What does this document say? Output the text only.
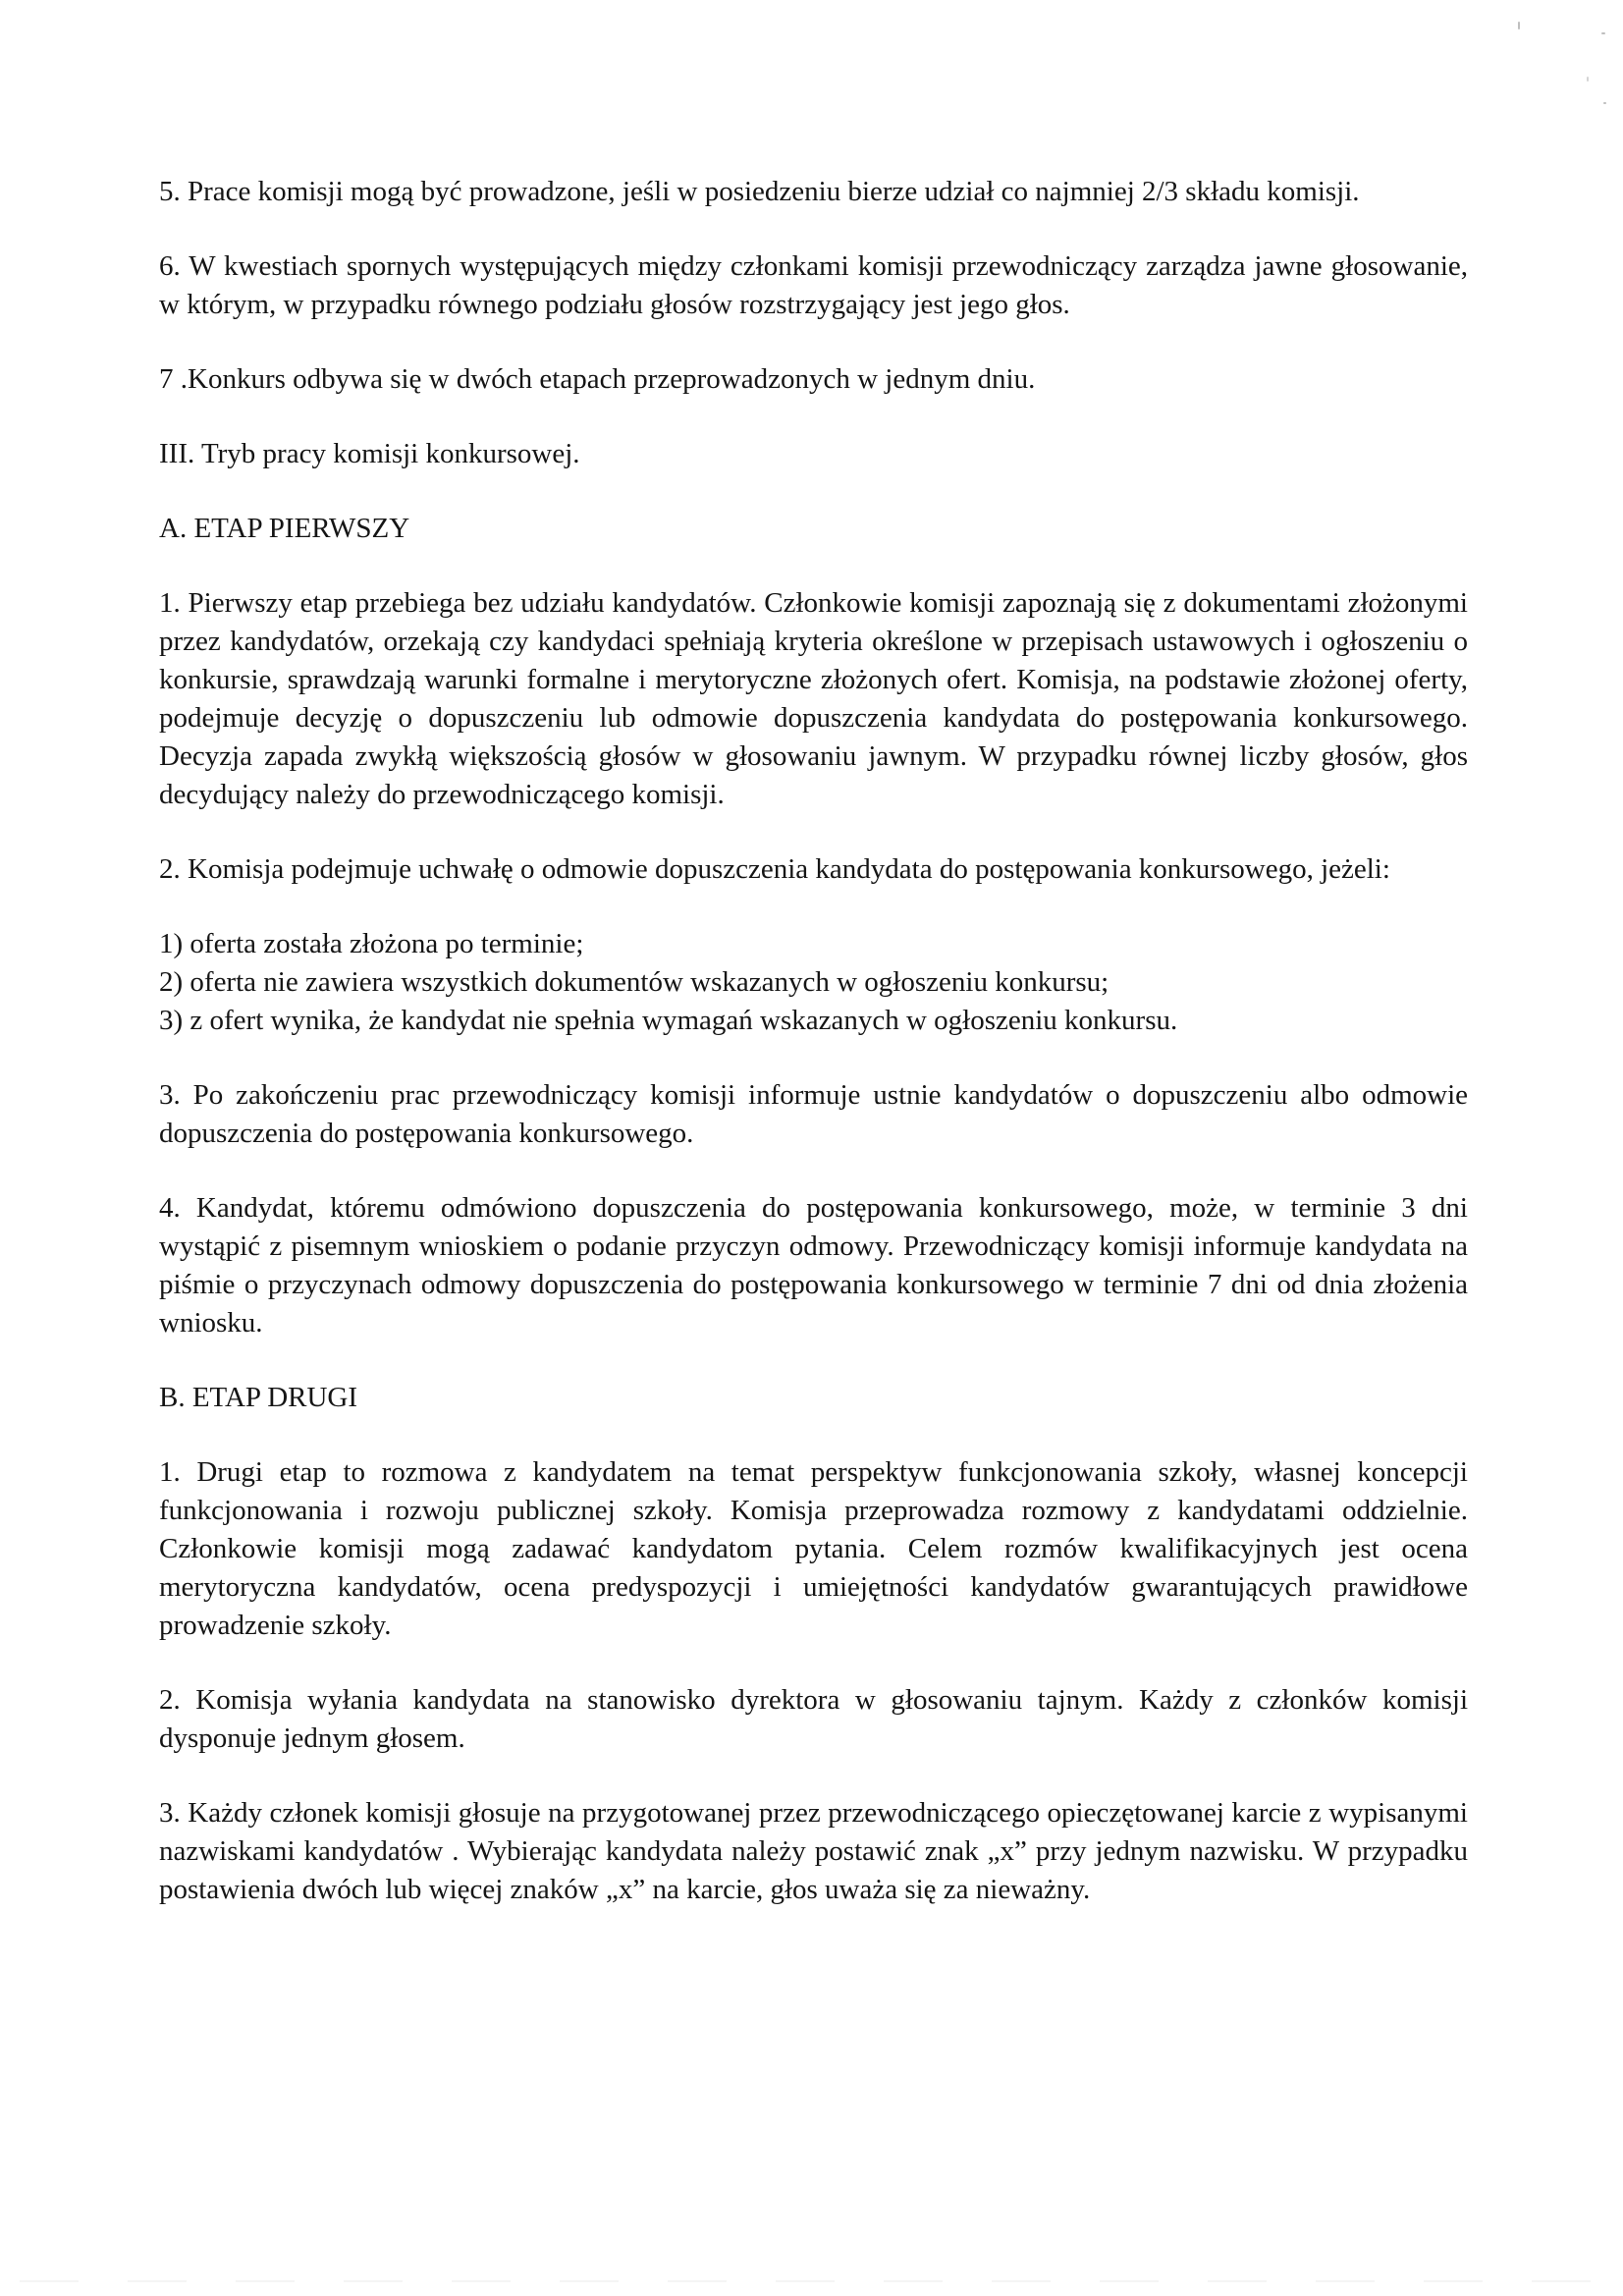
5. Prace komisji mogą być prowadzone, jeśli w posiedzeniu bierze udział co najmniej 2/3 składu komisji.

6. W kwestiach spornych występujących między członkami komisji przewodniczący zarządza jawne głosowanie, w którym, w przypadku równego podziału głosów rozstrzygający jest jego głos.

7 .Konkurs odbywa się w dwóch etapach przeprowadzonych w jednym dniu.

III. Tryb pracy komisji konkursowej.
A. ETAP PIERWSZY

1. Pierwszy etap przebiega bez udziału kandydatów. Członkowie komisji zapoznają się z dokumentami złożonymi przez kandydatów, orzekają czy kandydaci spełniają kryteria określone w przepisach ustawowych i ogłoszeniu o konkursie, sprawdzają warunki formalne i merytoryczne złożonych ofert. Komisja, na podstawie złożonej oferty, podejmuje decyzję o dopuszczeniu lub odmowie dopuszczenia kandydata do postępowania konkursowego. Decyzja zapada zwykłą większością głosów w głosowaniu jawnym. W przypadku równej liczby głosów, głos decydujący należy do przewodniczącego komisji.

2. Komisja podejmuje uchwałę o odmowie dopuszczenia kandydata do postępowania konkursowego, jeżeli:

1) oferta została złożona po terminie;
2) oferta nie zawiera wszystkich dokumentów wskazanych w ogłoszeniu konkursu;
3) z ofert wynika, że kandydat nie spełnia wymagań wskazanych w ogłoszeniu konkursu.

3. Po zakończeniu prac przewodniczący komisji informuje ustnie kandydatów o dopuszczeniu albo odmowie dopuszczenia do postępowania konkursowego.

4. Kandydat, któremu odmówiono dopuszczenia do postępowania konkursowego, może, w terminie 3 dni wystąpić z pisemnym wnioskiem o podanie przyczyn odmowy. Przewodniczący komisji informuje kandydata na piśmie o przyczynach odmowy dopuszczenia do postępowania konkursowego w terminie 7 dni od dnia złożenia wniosku.

B. ETAP DRUGI

1. Drugi etap to rozmowa z kandydatem na temat perspektyw funkcjonowania szkoły, własnej koncepcji funkcjonowania i rozwoju publicznej szkoły. Komisja przeprowadza rozmowy z kandydatami oddzielnie. Członkowie komisji mogą zadawać kandydatom pytania. Celem rozmów kwalifikacyjnych jest ocena merytoryczna kandydatów, ocena predyspozycji i umiejętności kandydatów gwarantujących prawidłowe prowadzenie szkoły.

2. Komisja wyłania kandydata na stanowisko dyrektora w głosowaniu tajnym. Każdy z członków komisji dysponuje jednym głosem.

3. Każdy członek komisji głosuje na przygotowanej przez przewodniczącego opieczętowanej karcie z wypisanymi nazwiskami kandydatów . Wybierając kandydata należy postawić znak „x” przy jednym nazwisku. W przypadku postawienia dwóch lub więcej znaków „x” na karcie, głos uważa się za nieważny.
